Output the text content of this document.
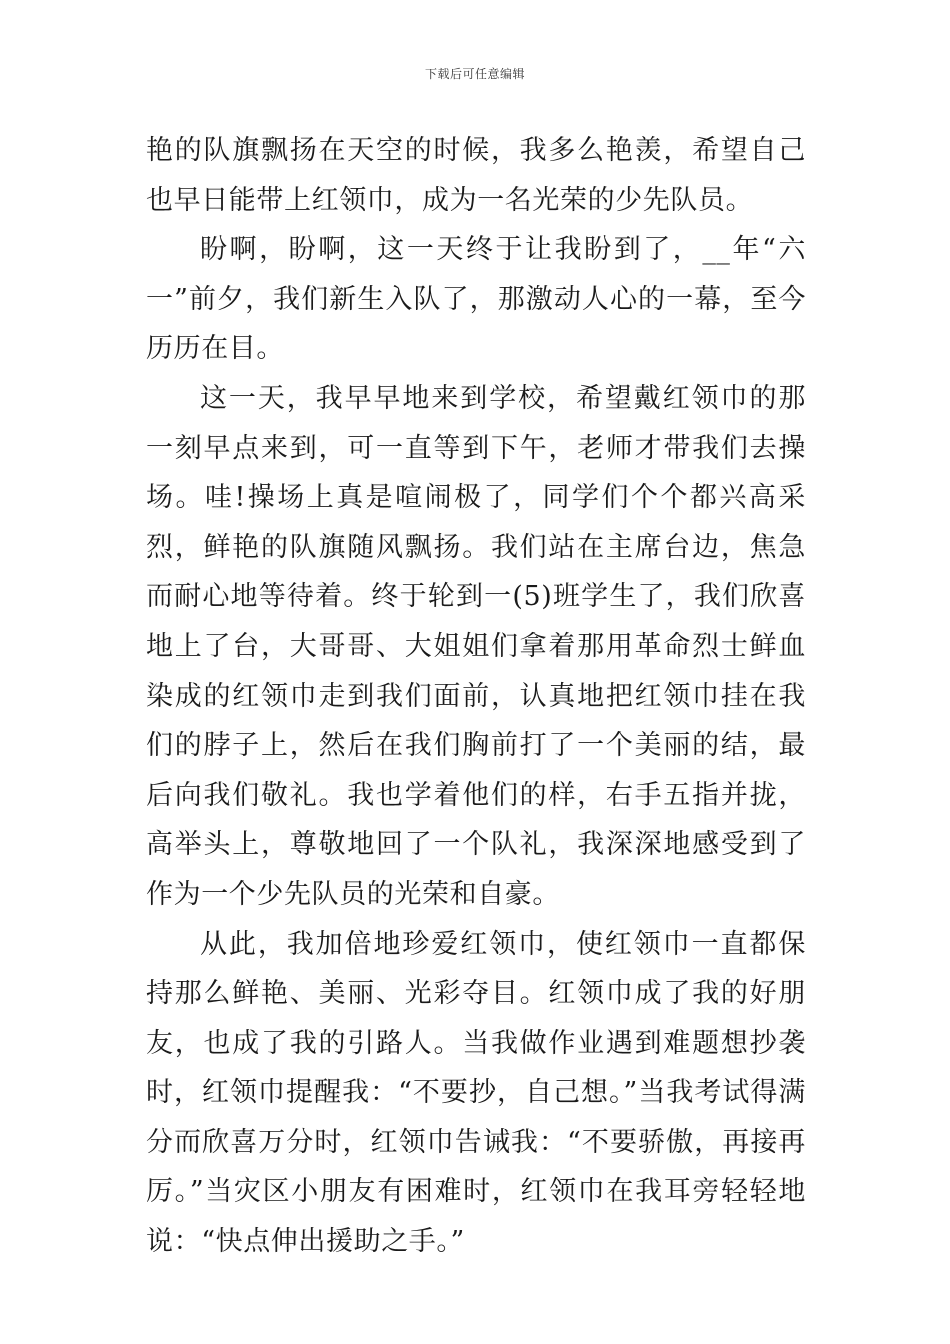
下载后可任意编辑

艳的队旗飘扬在天空的时候，我多么艳羡，希望自己也早日能带上红领巾，成为一名光荣的少先队员。

盼啊，盼啊，这一天终于让我盼到了，__年“六一”前夕，我们新生入队了，那激动人心的一幕，至今历历在目。

这一天，我早早地来到学校，希望戴红领巾的那一刻早点来到，可一直等到下午，老师才带我们去操场。哇!操场上真是喧闹极了，同学们个个都兴高采烈，鲜艳的队旗随风飘扬。我们站在主席台边，焦急而耐心地等待着。终于轮到一(5)班学生了，我们欣喜地上了台，大哥哥、大姐姐们拿着那用革命烈士鲜血染成的红领巾走到我们面前，认真地把红领巾挂在我们的脖子上，然后在我们胸前打了一个美丽的结，最后向我们敬礼。我也学着他们的样，右手五指并拢，高举头上，尊敬地回了一个队礼，我深深地感受到了作为一个少先队员的光荣和自豪。

从此，我加倍地珍爱红领巾，使红领巾一直都保持那么鲜艳、美丽、光彩夺目。红领巾成了我的好朋友，也成了我的引路人。当我做作业遇到难题想抄袭时，红领巾提醒我：“不要抄，自己想。”当我考试得满分而欣喜万分时，红领巾告诫我：“不要骄傲，再接再厉。”当灾区小朋友有困难时，红领巾在我耳旁轻轻地说：“快点伸出援助之手。”
